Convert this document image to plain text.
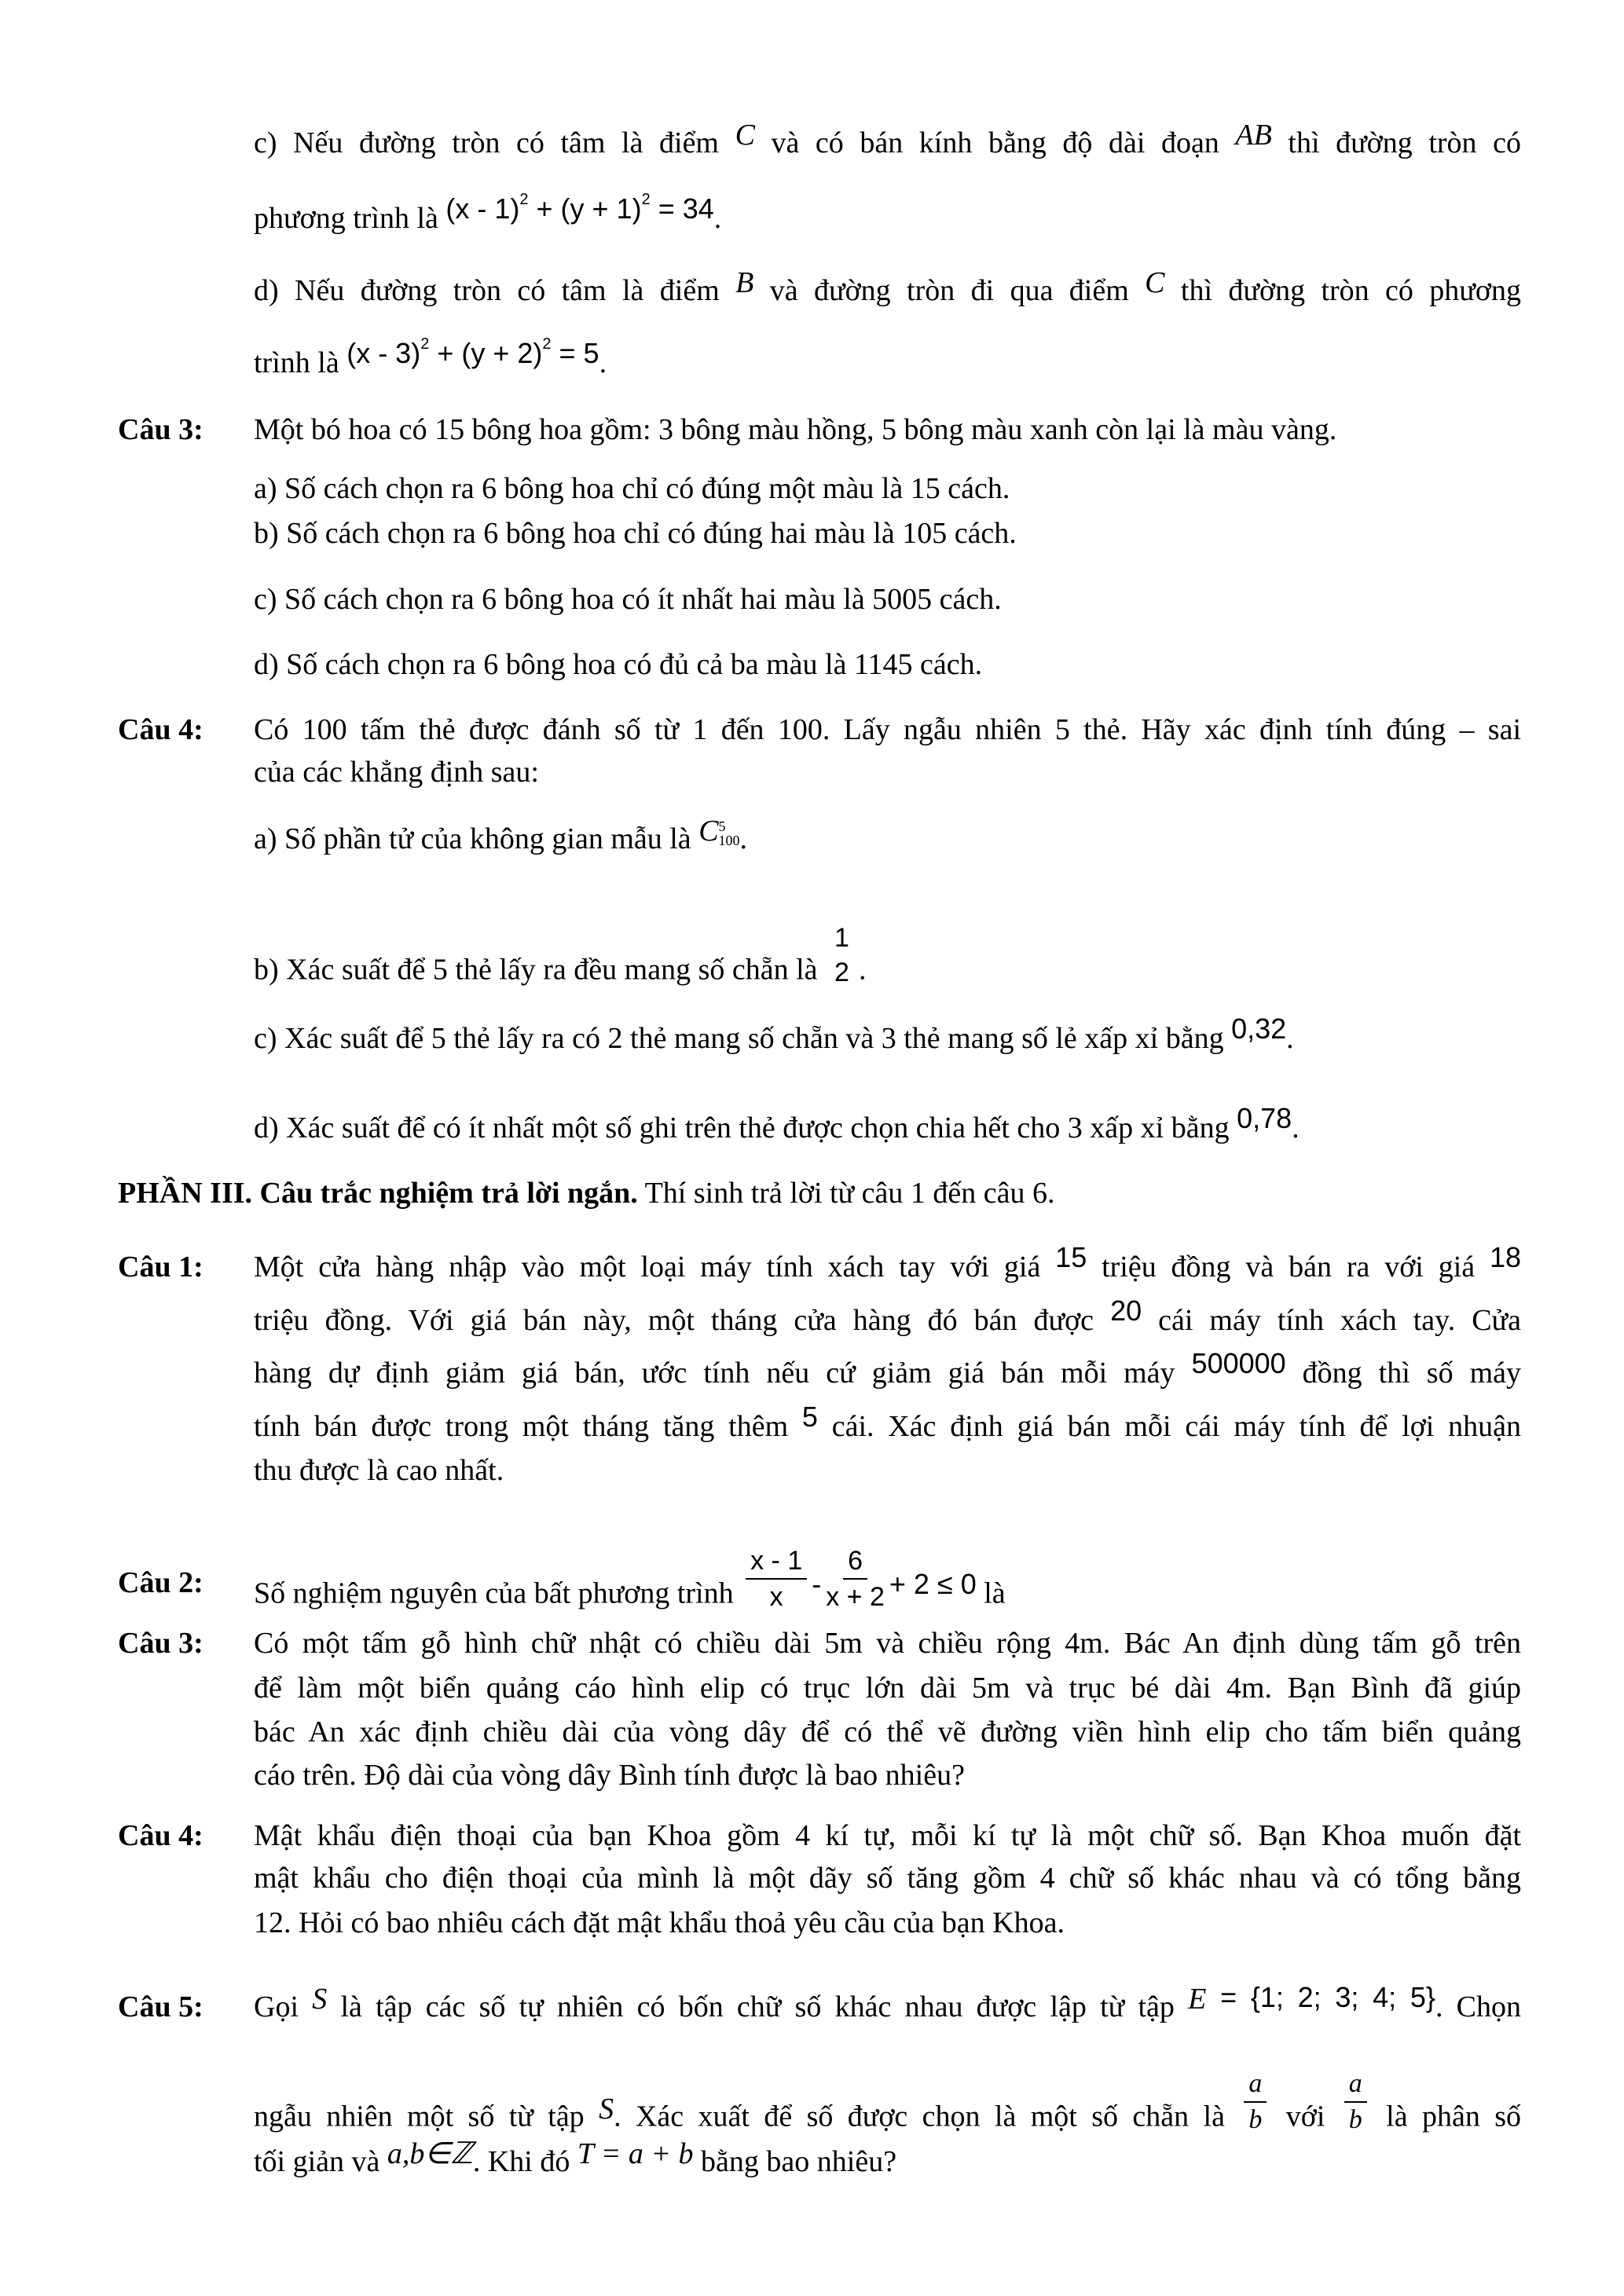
c) Nếu đường tròn có tâm là điểm C và có bán kính bằng độ dài đoạn AB thì đường tròn có
phương trình là $(x - 1)^2 + (y + 1)^2 = 34$.
d) Nếu đường tròn có tâm là điểm B và đường tròn đi qua điểm C thì đường tròn có phương
trình là $(x - 3)^2 + (y + 2)^2 = 5$.
Câu 3: Một bó hoa có 15 bông hoa gồm: 3 bông màu hồng, 5 bông màu xanh còn lại là màu vàng.
a) Số cách chọn ra 6 bông hoa chỉ có đúng một màu là 15 cách.
b) Số cách chọn ra 6 bông hoa chỉ có đúng hai màu là 105 cách.
c) Số cách chọn ra 6 bông hoa có ít nhất hai màu là 5005 cách.
d) Số cách chọn ra 6 bông hoa có đủ cả ba màu là 1145 cách.
Câu 4: Có 100 tấm thẻ được đánh số từ 1 đến 100. Lấy ngẫu nhiên 5 thẻ. Hãy xác định tính đúng – sai
của các khẳng định sau:
a) Số phần tử của không gian mẫu là C 5
100 .
b) Xác suất để 5 thẻ lấy ra đều mang số chẵn là
1
2 .
c) Xác suất để 5 thẻ lấy ra có 2 thẻ mang số chẵn và 3 thẻ mang số lẻ xấp xỉ bằng 0,32.
d) Xác suất để có ít nhất một số ghi trên thẻ được chọn chia hết cho 3 xấp xỉ bằng 0,78.
PHẦN III. Câu trắc nghiệm trả lời ngắn. Thí sinh trả lời từ câu 1 đến câu 6.
Câu 1: Một cửa hàng nhập vào một loại máy tính xách tay với giá 15 triệu đồng và bán ra với giá 18
triệu đồng. Với giá bán này, một tháng cửa hàng đó bán được 20 cái máy tính xách tay. Cửa
hàng dự định giảm giá bán, ước tính nếu cứ giảm giá bán mỗi máy 500000 đồng thì số máy
tính bán được trong một tháng tăng thêm 5 cái. Xác định giá bán mỗi cái máy tính để lợi nhuận
thu được là cao nhất.
Câu 2: Số nghiệm nguyên của bất phương trình $\frac{x - 1}{x} - \frac{6}{x + 2} + 2 \le 0$ là
Câu 3: Có một tấm gỗ hình chữ nhật có chiều dài 5m và chiều rộng 4m. Bác An định dùng tấm gỗ trên
để làm một biển quảng cáo hình elip có trục lớn dài 5m và trục bé dài 4m. Bạn Bình đã giúp
bác An xác định chiều dài của vòng dây để có thể vẽ đường viền hình elip cho tấm biển quảng
cáo trên. Độ dài của vòng dây Bình tính được là bao nhiêu?
Câu 4: Mật khẩu điện thoại của bạn Khoa gồm 4 kí tự, mỗi kí tự là một chữ số. Bạn Khoa muốn đặt
mật khẩu cho điện thoại của mình là một dãy số tăng gồm 4 chữ số khác nhau và có tổng bằng
12. Hỏi có bao nhiêu cách đặt mật khẩu thoả yêu cầu của bạn Khoa.
Câu 5: Gọi S là tập các số tự nhiên có bốn chữ số khác nhau được lập từ tập E = {1; 2; 3; 4; 5}. Chọn
ngẫu nhiên một số từ tập S. Xác xuất để số được chọn là một số chẵn là $\frac{a}{b}$ với $\frac{a}{b}$ là phân số
tối giản và a,b∈ℤ. Khi đó T = a + b bằng bao nhiêu?
